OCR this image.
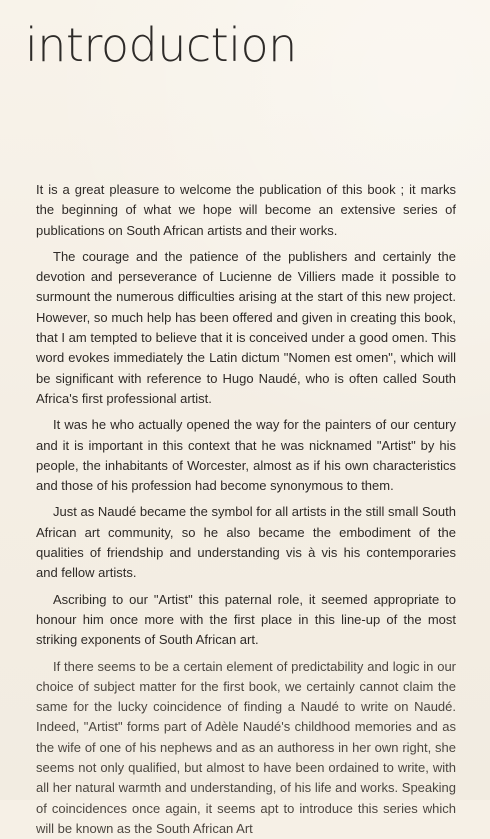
introduction

It is a great pleasure to welcome the publication of this book ; it marks the beginning of what we hope will become an extensive series of publications on South African artists and their works.

The courage and the patience of the publishers and certainly the devotion and perseverance of Lucienne de Villiers made it possible to surmount the numerous difficulties arising at the start of this new project. However, so much help has been offered and given in creating this book, that I am tempted to believe that it is conceived under a good omen. This word evokes immediately the Latin dictum "Nomen est omen", which will be significant with reference to Hugo Naudé, who is often called South Africa's first professional artist.

It was he who actually opened the way for the painters of our century and it is important in this context that he was nicknamed "Artist" by his people, the inhabitants of Worcester, almost as if his own characteristics and those of his profession had become synonymous to them.

Just as Naudé became the symbol for all artists in the still small South African art community, so he also became the embodiment of the qualities of friendship and understanding vis à vis his contemporaries and fellow artists.

Ascribing to our "Artist" this paternal role, it seemed appropriate to honour him once more with the first place in this line-up of the most striking exponents of South African art.

If there seems to be a certain element of predictability and logic in our choice of subject matter for the first book, we certainly cannot claim the same for the lucky coincidence of finding a Naudé to write on Naudé. Indeed, "Artist" forms part of Adèle Naudé's childhood memories and as the wife of one of his nephews and as an authoress in her own right, she seems not only qualified, but almost to have been ordained to write, with all her natural warmth and understanding, of his life and works. Speaking of coincidences once again, it seems apt to introduce this series which will be known as the South African Art
